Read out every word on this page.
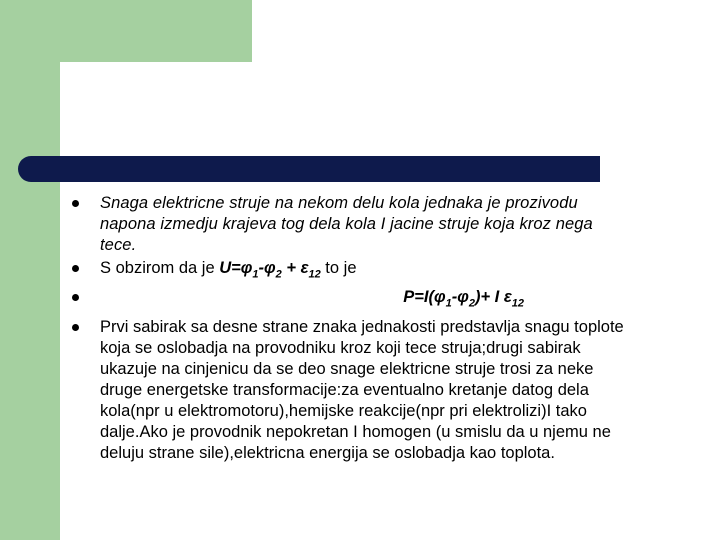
Snaga elektricne struje na nekom delu kola jednaka je prozivodu napona izmedju krajeva tog dela kola I jacine struje koja kroz nega tece.
S obzirom da je $U=\varphi_1-\varphi_2 + \varepsilon_{12}$ to je
$P=I(\varphi_1-\varphi_2)+ I$ $\varepsilon_{12}$
Prvi sabirak sa desne strane znaka jednakosti predstavlja snagu toplote koja se oslobadja na provodniku kroz koji tece struja;drugi sabirak ukazuje na cinjenicu da se deo snage elektricne struje trosi za neke druge energetske transformacije:za eventualno kretanje datog dela kola(npr u elektromotoru),hemijske reakcije(npr pri elektrolizi)I tako dalje.Ako je provodnik nepokretan I homogen (u smislu da u njemu ne deluju strane sile),elektricna energija se oslobadja kao toplota.
